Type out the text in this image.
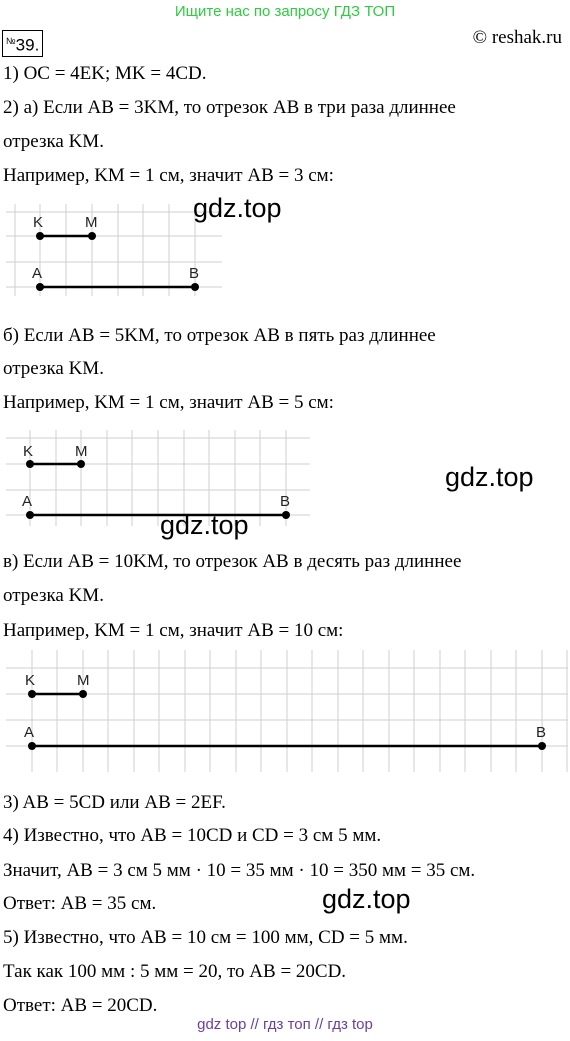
Ищите нас по запросу ГДЗ ТОП
© reshak.ru
№39.
1) OC = 4EK; MK = 4CD.
2) а) Если AB = 3KM, то отрезок AB в три раза длиннее
отрезка KM.
Например, KM = 1 см, значит AB = 3 см:
K	M
A	B
gdz.top
б) Если AB = 5KM, то отрезок AB в пять раз длиннее
отрезка KM.
Например, KM = 1 см, значит AB = 5 см:
K	M
A	B
gdz.top
gdz.top
в) Если AB = 10KM, то отрезок AB в десять раз длиннее
отрезка KM.
Например, KM = 1 см, значит AB = 10 см:
K	M
A	B
3) AB = 5CD или AB = 2EF.
4) Известно, что AB = 10CD и CD = 3 см 5 мм.
Значит, AB = 3 см 5 мм · 10 = 35 мм · 10 = 350 мм = 35 см.
Ответ: AB = 35 см.	gdz.top
5) Известно, что AB = 10 см = 100 мм, CD = 5 мм.
Так как 100 мм : 5 мм = 20, то AB = 20CD.
Ответ: AB = 20CD.
gdz top // гдз топ // гдз top
